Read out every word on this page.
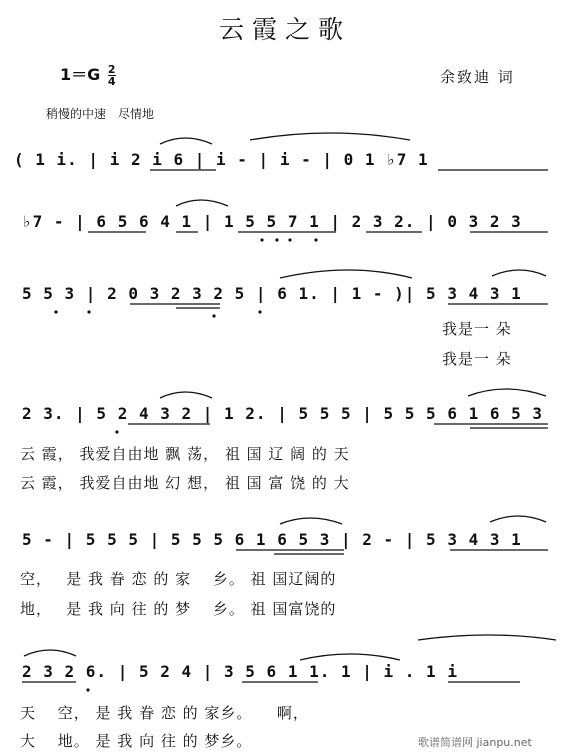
云霞之歌
$1=G \frac{2}{4}$	余致迪 词
稍慢的中速　尽情地
( 1 i. | i 2 i 6 | i - | i - | 0 1 ♭7 1
♭7 - | 6 5 6 4 1 | 1 5 5 7 1 | 2 3 2. | 0 3 2 3
5 5 3 | 2 0 3 2 3 2 5 | 6 1. | 1 - )| 5 3 4 3 1
我是一 朵
我是一 朵
2 3. | 5 2 4 3 2 | 1 2. | 5 5 5 | 5 5 5 6 1 6 5 3
云 霞， 我爱自由地 飘 荡， 祖 国 辽 阔 的 天
云 霞， 我爱自由地 幻 想， 祖 国 富 饶 的 大
5 - | 5 5 5 | 5 5 5 6 1 6 5 3 | 2 - | 5 3 4 3 1
空，　 是 我 眷 恋 的 家 　乡。 祖 国辽阔的
地，　 是 我 向 往 的 梦 　乡。 祖 国富饶的
2 3 2 6. | 5 2 4 | 3 5 6 1 1. 1 | i . 1 i
天　 空， 是 我 眷 恋 的 家乡。　　啊，
大　 地。 是 我 向 往 的 梦乡。	歌谱简谱网 jianpu.net
